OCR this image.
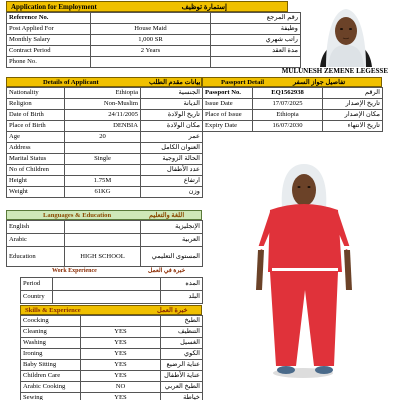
Application for Employment	إستمارة توظيف
Reference No.		رقم المرجع
Post Applied For	House Maid	وظيفة
Monthly Salary	1,000 SR	راتب شهري
Contract Period	2 Years	مدة العقد
Phone No.		
MULUNESH ZEMENE LEGESSE
Details of Applicant	بيانات مقدم الطلب	Passport Detail	تفاصيل جواز السفر
Nationality	Ethiopia	الجنسية
Religion	Non-Muslim	الديانة
Date of Birth	24/11/2005	تاريخ الولادة
Place of Birth	DENBIA	مكان الولادة
Age	20	عمر
Address		العنوان الكامل
Marital Status	Single	الحالة الزوجية
No of Children		عدد الأطفال
Height	1.75M	ارتفاع
Weight	61KG	وزن
Passport No.	EQ1562938	الرقم
Issue Date	17/07/2025	تاريخ الإصدار
Place of Issue	Ethiopia	مكان الإصدار
Expiry Date	16/07/2030	تاريخ الانتهاء
Languages & Education	اللغة والتعليم
English		الإنجليزية
Arabic		العربية
Education	HIGH SCHOOL	المستوى التعليمي
Work Experience	خبرة في العمل
Period		المده
Country		البلد
Skills & Experience	خبرة العمل
Coocking		الطبخ
Cleaning	YES	التنظيف
Washing	YES	الغسيل
Ironing	YES	الكوي
Baby Sitting	YES	عناية الرضيع
Children Care	YES	عناية الأطفال
Arabic Cooking	NO	الطبخ العربي
Sewing	YES	خياطة
